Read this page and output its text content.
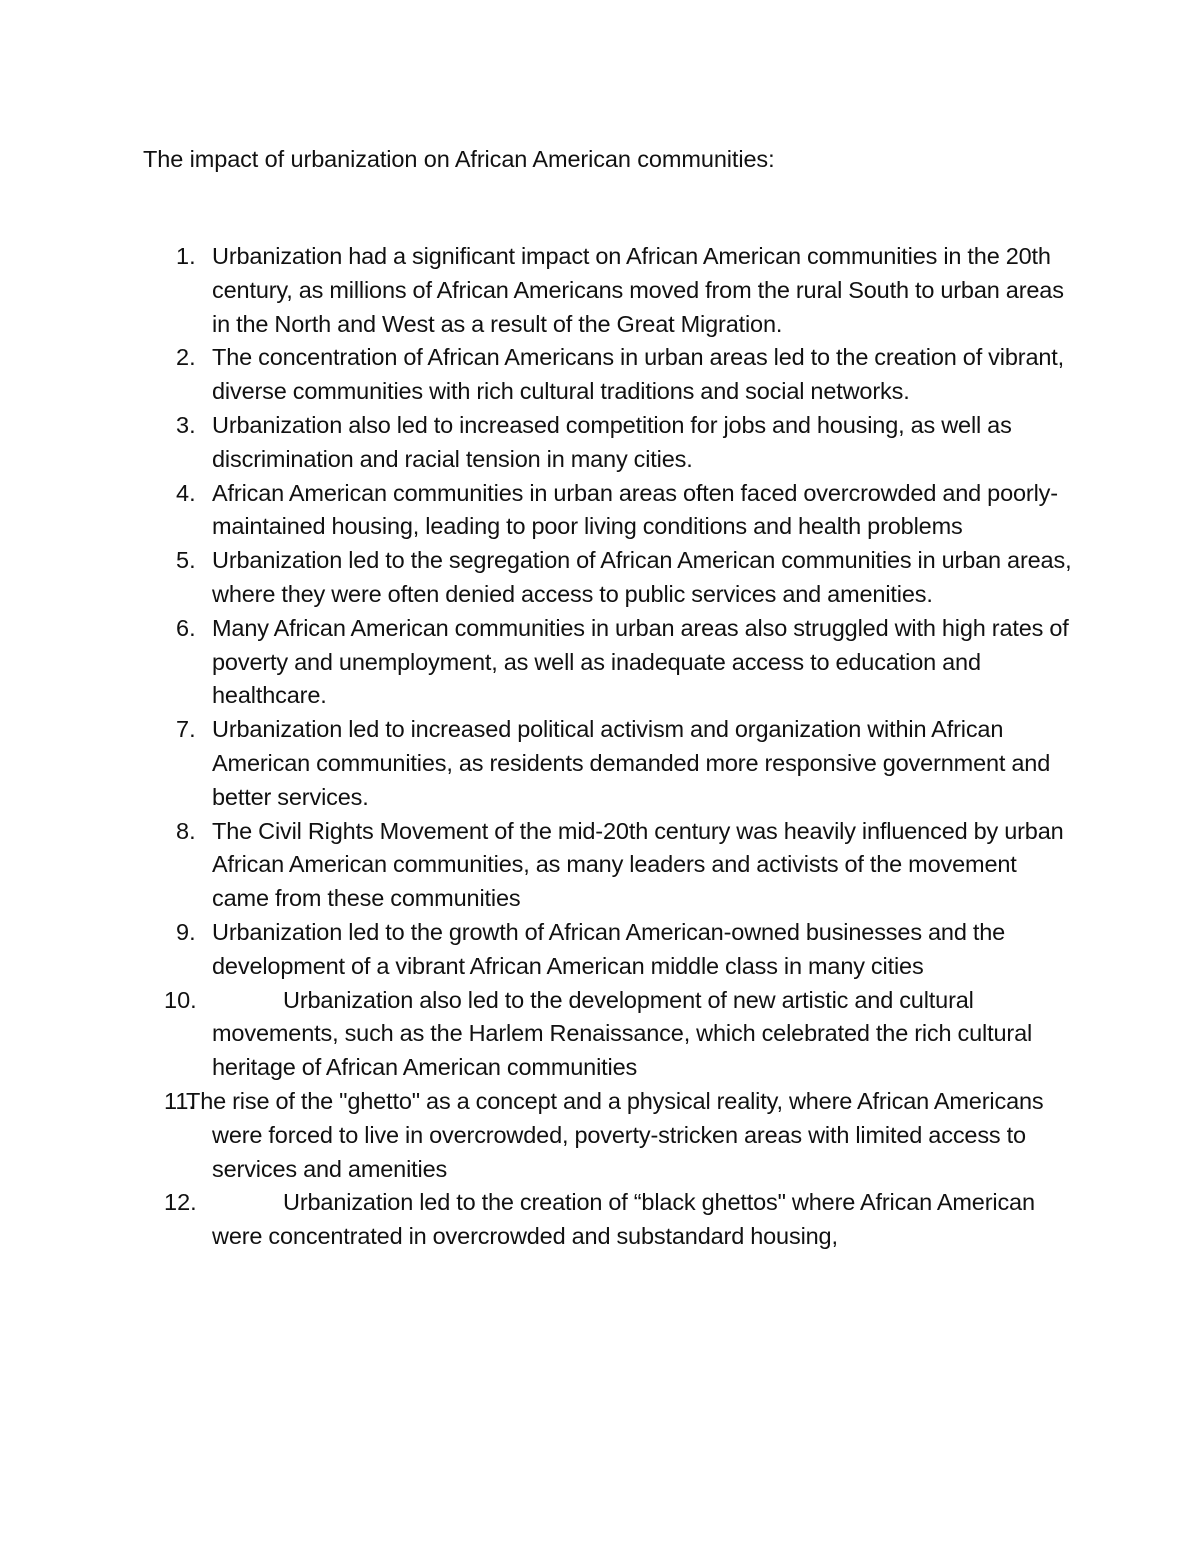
The impact of urbanization on African American communities:
1. Urbanization had a significant impact on African American communities in the 20th century, as millions of African Americans moved from the rural South to urban areas in the North and West as a result of the Great Migration.
2. The concentration of African Americans in urban areas led to the creation of vibrant, diverse communities with rich cultural traditions and social networks.
3. Urbanization also led to increased competition for jobs and housing, as well as discrimination and racial tension in many cities.
4. African American communities in urban areas often faced overcrowded and poorly-maintained housing, leading to poor living conditions and health problems
5. Urbanization led to the segregation of African American communities in urban areas, where they were often denied access to public services and amenities.
6. Many African American communities in urban areas also struggled with high rates of poverty and unemployment, as well as inadequate access to education and healthcare.
7. Urbanization led to increased political activism and organization within African American communities, as residents demanded more responsive government and better services.
8. The Civil Rights Movement of the mid-20th century was heavily influenced by urban African American communities, as many leaders and activists of the movement came from these communities
9. Urbanization led to the growth of African American-owned businesses and the development of a vibrant African American middle class in many cities
10.	Urbanization also led to the development of new artistic and cultural movements, such as the Harlem Renaissance, which celebrated the rich cultural heritage of African American communities
11.
The rise of the "ghetto" as a concept and a physical reality, where African Americans were forced to live in overcrowded, poverty-stricken areas with limited access to services and amenities
12.	Urbanization led to the creation of “black ghettos" where African American were concentrated in overcrowded and substandard housing,
